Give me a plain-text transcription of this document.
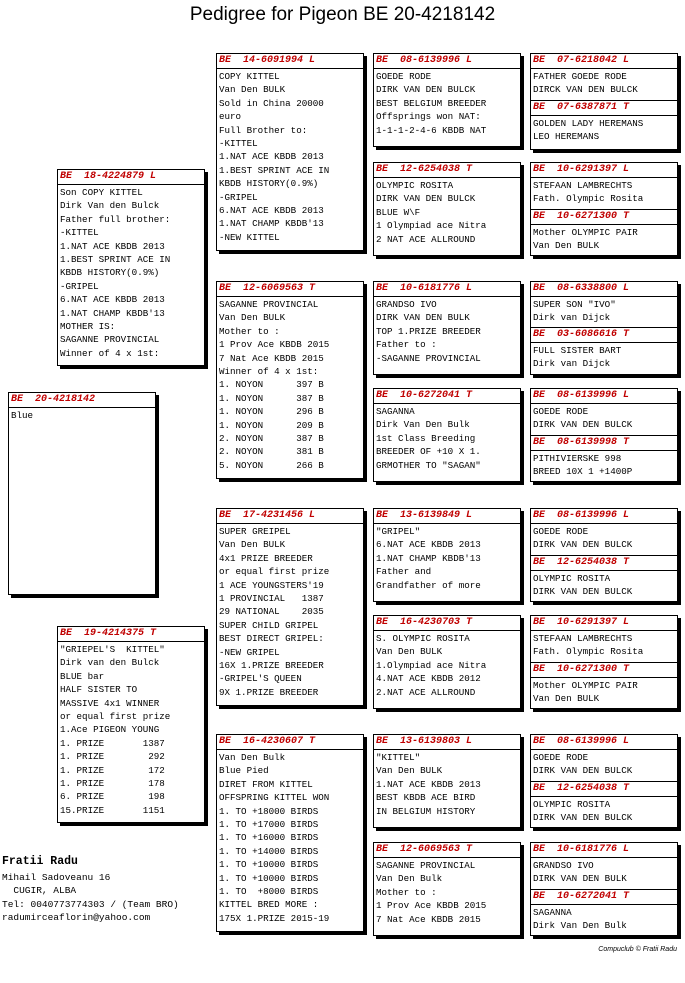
Pedigree for Pigeon BE 20-4218142
BE  20-4218142
Blue
BE  18-4224879 L
Son COPY KITTEL
Dirk Van den Bulck
Father full brother:
-KITTEL
1.NAT ACE KBDB 2013
1.BEST SPRINT ACE IN
KBDB HISTORY(0.9%)
-GRIPEL
6.NAT ACE KBDB 2013
1.NAT CHAMP KBDB'13
MOTHER IS:
SAGANNE PROVINCIAL
Winner of 4 x 1st:
BE  19-4214375 T
"GRIEPEL'S  KITTEL"
Dirk van den Bulck
BLUE bar
HALF SISTER TO
MASSIVE 4x1 WINNER
or equal first prize
1.Ace PIGEON YOUNG
1. PRIZE       1387
1. PRIZE        292
1. PRIZE        172
1. PRIZE        178
6. PRIZE        198
15.PRIZE       1151
BE  14-6091994 L
COPY KITTEL
Van Den BULK
Sold in China 20000
euro
Full Brother to:
-KITTEL
1.NAT ACE KBDB 2013
1.BEST SPRINT ACE IN
KBDB HISTORY(0.9%)
-GRIPEL
6.NAT ACE KBDB 2013
1.NAT CHAMP KBDB'13
-NEW KITTEL
BE  12-6069563 T
SAGANNE PROVINCIAL
Van Den BULK
Mother to :
1 Prov Ace KBDB 2015
7 Nat Ace KBDB 2015
Winner of 4 x 1st:
1. NOYON      397 B
1. NOYON      387 B
1. NOYON      296 B
1. NOYON      209 B
2. NOYON      387 B
2. NOYON      381 B
5. NOYON      266 B
BE  17-4231456 L
SUPER GREIPEL
Van Den BULK
4x1 PRIZE BREEDER
or equal first prize
1 ACE YOUNGSTERS'19
1 PROVINCIAL   1387
29 NATIONAL    2035
SUPER CHILD GRIPEL
BEST DIRECT GRIPEL:
-NEW GRIPEL
16X 1.PRIZE BREEDER
-GRIPEL'S QUEEN
9X 1.PRIZE BREEDER
BE  16-4230607 T
Van Den Bulk
Blue Pied
DIRET FROM KITTEL
OFFSPRING KITTEL WON
1. TO +18000 BIRDS
1. TO +17000 BIRDS
1. TO +16000 BIRDS
1. TO +14000 BIRDS
1. TO +10000 BIRDS
1. TO +10000 BIRDS
1. TO  +8000 BIRDS
KITTEL BRED MORE :
175X 1.PRIZE 2015-19
BE  08-6139996 L
GOEDE RODE
DIRK VAN DEN BULCK
BEST BELGIUM BREEDER
Offsprings won NAT:
1-1-1-2-4-6 KBDB NAT
BE  12-6254038 T
OLYMPIC ROSITA
DIRK VAN DEN BULCK
BLUE W\F
1 Olympiad ace Nitra
2 NAT ACE ALLROUND
BE  10-6181776 L
GRANDSO IVO
DIRK VAN DEN BULK
TOP 1.PRIZE BREEDER
Father to :
-SAGANNE PROVINCIAL
BE  10-6272041 T
SAGANNA
Dirk Van Den Bulk
1st Class Breeding
BREEDER OF +10 X 1.
GRMOTHER TO "SAGAN"
BE  13-6139849 L
"GRIPEL"
6.NAT ACE KBDB 2013
1.NAT CHAMP KBDB'13
Father and
Grandfather of more
BE  16-4230703 T
S. OLYMPIC ROSITA
Van Den BULK
1.Olympiad ace Nitra
4.NAT ACE KBDB 2012
2.NAT ACE ALLROUND
BE  13-6139803 L
"KITTEL"
Van Den BULK
1.NAT ACE KBDB 2013
BEST KBDB ACE BIRD
IN BELGIUM HISTORY
BE  12-6069563 T
SAGANNE PROVINCIAL
Van Den Bulk
Mother to :
1 Prov Ace KBDB 2015
7 Nat Ace KBDB 2015
BE  07-6218042 L
FATHER GOEDE RODE
DIRCK VAN DEN BULCK
BE  07-6387871 T
GOLDEN LADY HEREMANS
LEO HEREMANS
BE  10-6291397 L
STEFAAN LAMBRECHTS
Fath. Olympic Rosita
BE  10-6271300 T
Mother OLYMPIC PAIR
Van Den BULK
BE  08-6338800 L
SUPER SON "IVO"
Dirk van Dijck
BE  03-6086616 T
FULL SISTER BART
Dirk van Dijck
BE  08-6139996 L
GOEDE RODE
DIRK VAN DEN BULCK
BE  08-6139998 T
PITHIVIERSKE 998
BREED 10X 1 +1400P
BE  08-6139996 L
GOEDE RODE
DIRK VAN DEN BULCK
BE  12-6254038 T
OLYMPIC ROSITA
DIRK VAN DEN BULCK
BE  10-6291397 L
STEFAAN LAMBRECHTS
Fath. Olympic Rosita
BE  10-6271300 T
Mother OLYMPIC PAIR
Van Den BULK
BE  08-6139996 L
GOEDE RODE
DIRK VAN DEN BULCK
BE  12-6254038 T
OLYMPIC ROSITA
DIRK VAN DEN BULCK
BE  10-6181776 L
GRANDSO IVO
DIRK VAN DEN BULK
BE  10-6272041 T
SAGANNA
Dirk Van Den Bulk
Fratii Radu
Mihail Sadoveanu 16
CUGIR, ALBA
Tel: 0040773774303 / (Team BRO)
radumirceaflorin@yahoo.com
Compuclub © Fratii Radu
